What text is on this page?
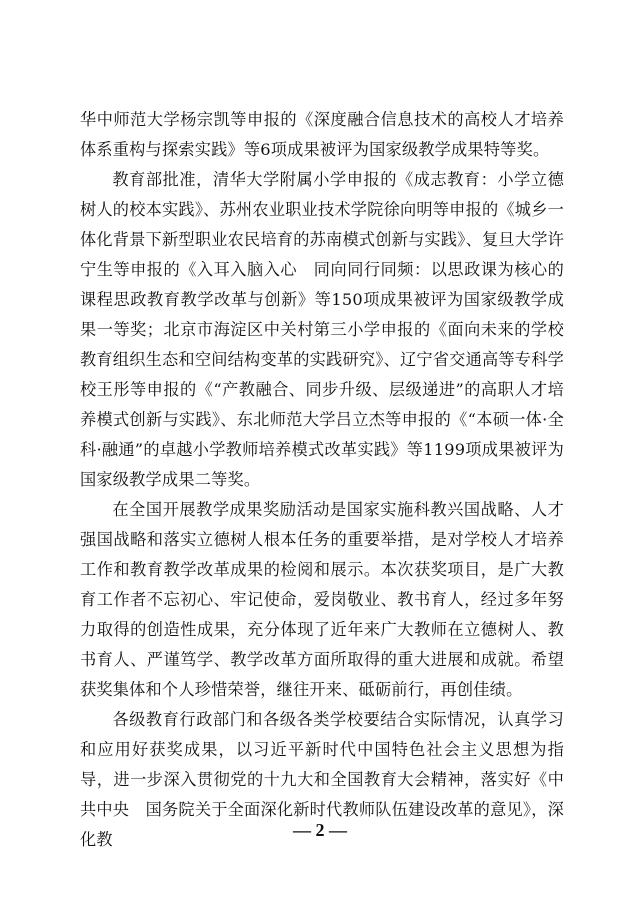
华中师范大学杨宗凯等申报的《深度融合信息技术的高校人才培养体系重构与探索实践》等6项成果被评为国家级教学成果特等奖。

教育部批准，清华大学附属小学申报的《成志教育：小学立德树人的校本实践》、苏州农业职业技术学院徐向明等申报的《城乡一体化背景下新型职业农民培育的苏南模式创新与实践》、复旦大学许宁生等申报的《入耳入脑入心　同向同行同频：以思政课为核心的课程思政教育教学改革与创新》等150项成果被评为国家级教学成果一等奖；北京市海淀区中关村第三小学申报的《面向未来的学校教育组织生态和空间结构变革的实践研究》、辽宁省交通高等专科学校王彤等申报的《“产教融合、同步升级、层级递进”的高职人才培养模式创新与实践》、东北师范大学吕立杰等申报的《“本硕一体·全科·融通”的卓越小学教师培养模式改革实践》等1199项成果被评为国家级教学成果二等奖。

在全国开展教学成果奖励活动是国家实施科教兴国战略、人才强国战略和落实立德树人根本任务的重要举措，是对学校人才培养工作和教育教学改革成果的检阅和展示。本次获奖项目，是广大教育工作者不忘初心、牢记使命，爱岗敬业、教书育人，经过多年努力取得的创造性成果，充分体现了近年来广大教师在立德树人、教书育人、严谨笃学、教学改革方面所取得的重大进展和成就。希望获奖集体和个人珍惜荣誉，继往开来、砥砺前行，再创佳绩。

各级教育行政部门和各级各类学校要结合实际情况，认真学习和应用好获奖成果，以习近平新时代中国特色社会主义思想为指导，进一步深入贯彻党的十九大和全国教育大会精神，落实好《中共中央　国务院关于全面深化新时代教师队伍建设改革的意见》，深化教	— 2 —
